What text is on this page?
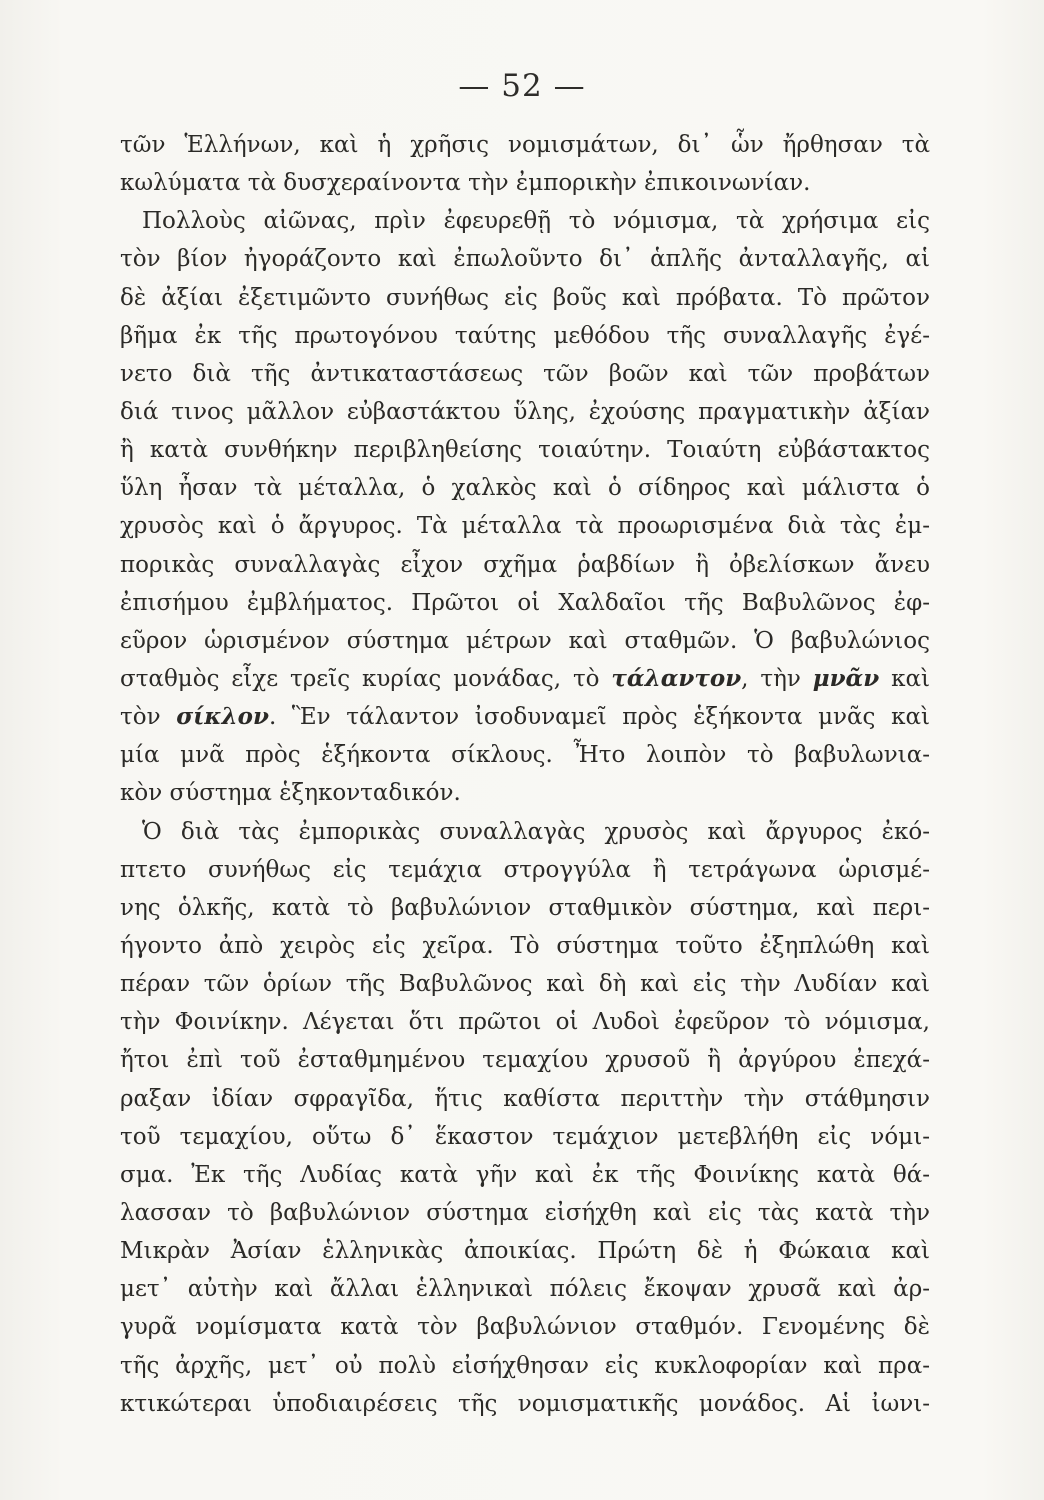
— 52 —
τῶν Ἑλλήνων, καὶ ἡ χρῆσις νομισμάτων, δι᾽ ὧν ἤρθησαν τὰ
κωλύματα τὰ δυσχεραίνοντα τὴν ἐμπορικὴν ἐπικοινωνίαν.
Πολλοὺς αἰῶνας, πρὶν ἐφευρεθῇ τὸ νόμισμα, τὰ χρήσιμα εἰς
τὸν βίον ἠγοράζοντο καὶ ἐπωλοῦντο δι᾽ ἁπλῆς ἀνταλλαγῆς, αἱ
δὲ ἀξίαι ἐξετιμῶντο συνήθως εἰς βοῦς καὶ πρόβατα. Τὸ πρῶτον
βῆμα ἐκ τῆς πρωτογόνου ταύτης μεθόδου τῆς συναλλαγῆς ἐγέ-
νετο διὰ τῆς ἀντικαταστάσεως τῶν βοῶν καὶ τῶν προβάτων
διά τινος μᾶλλον εὐβαστάκτου ὕλης, ἐχούσης πραγματικὴν ἀξίαν
ἢ κατὰ συνθήκην περιβληθείσης τοιαύτην. Τοιαύτη εὐβάστακτος
ὕλη ἦσαν τὰ μέταλλα, ὁ χαλκὸς καὶ ὁ σίδηρος καὶ μάλιστα ὁ
χρυσὸς καὶ ὁ ἄργυρος. Τὰ μέταλλα τὰ προωρισμένα διὰ τὰς ἐμ-
πορικὰς συναλλαγὰς εἶχον σχῆμα ῥαβδίων ἢ ὀβελίσκων ἄνευ
ἐπισήμου ἐμβλήματος. Πρῶτοι οἱ Χαλδαῖοι τῆς Βαβυλῶνος ἐφ-
εῦρον ὡρισμένον σύστημα μέτρων καὶ σταθμῶν. Ὁ βαβυλώνιος
σταθμὸς εἶχε τρεῖς κυρίας μονάδας, τὸ τάλαντον, τὴν μνᾶν καὶ
τὸν σίκλον. Ἓν τάλαντον ἰσοδυναμεῖ πρὸς ἑξήκοντα μνᾶς καὶ
μία μνᾶ πρὸς ἑξήκοντα σίκλους. Ἦτο λοιπὸν τὸ βαβυλωνια-
κὸν σύστημα ἑξηκονταδικόν.
Ὁ διὰ τὰς ἐμπορικὰς συναλλαγὰς χρυσὸς καὶ ἄργυρος ἐκό-
πτετο συνήθως εἰς τεμάχια στρογγύλα ἢ τετράγωνα ὡρισμέ-
νης ὁλκῆς, κατὰ τὸ βαβυλώνιον σταθμικὸν σύστημα, καὶ περι-
ήγοντο ἀπὸ χειρὸς εἰς χεῖρα. Τὸ σύστημα τοῦτο ἐξηπλώθη καὶ
πέραν τῶν ὁρίων τῆς Βαβυλῶνος καὶ δὴ καὶ εἰς τὴν Λυδίαν καὶ
τὴν Φοινίκην. Λέγεται ὅτι πρῶτοι οἱ Λυδοὶ ἐφεῦρον τὸ νόμισμα,
ἤτοι ἐπὶ τοῦ ἐσταθμημένου τεμαχίου χρυσοῦ ἢ ἀργύρου ἐπεχά-
ραξαν ἰδίαν σφραγῖδα, ἥτις καθίστα περιττὴν τὴν στάθμησιν
τοῦ τεμαχίου, οὕτω δ᾽ ἕκαστον τεμάχιον μετεβλήθη εἰς νόμι-
σμα. Ἐκ τῆς Λυδίας κατὰ γῆν καὶ ἐκ τῆς Φοινίκης κατὰ θά-
λασσαν τὸ βαβυλώνιον σύστημα εἰσήχθη καὶ εἰς τὰς κατὰ τὴν
Μικρὰν Ἀσίαν ἑλληνικὰς ἀποικίας. Πρώτη δὲ ἡ Φώκαια καὶ
μετ᾽ αὐτὴν καὶ ἄλλαι ἑλληνικαὶ πόλεις ἔκοψαν χρυσᾶ καὶ ἀρ-
γυρᾶ νομίσματα κατὰ τὸν βαβυλώνιον σταθμόν. Γενομένης δὲ
τῆς ἀρχῆς, μετ᾽ οὐ πολὺ εἰσήχθησαν εἰς κυκλοφορίαν καὶ πρα-
κτικώτεραι ὑποδιαιρέσεις τῆς νομισματικῆς μονάδος. Αἱ ἰωνι-
